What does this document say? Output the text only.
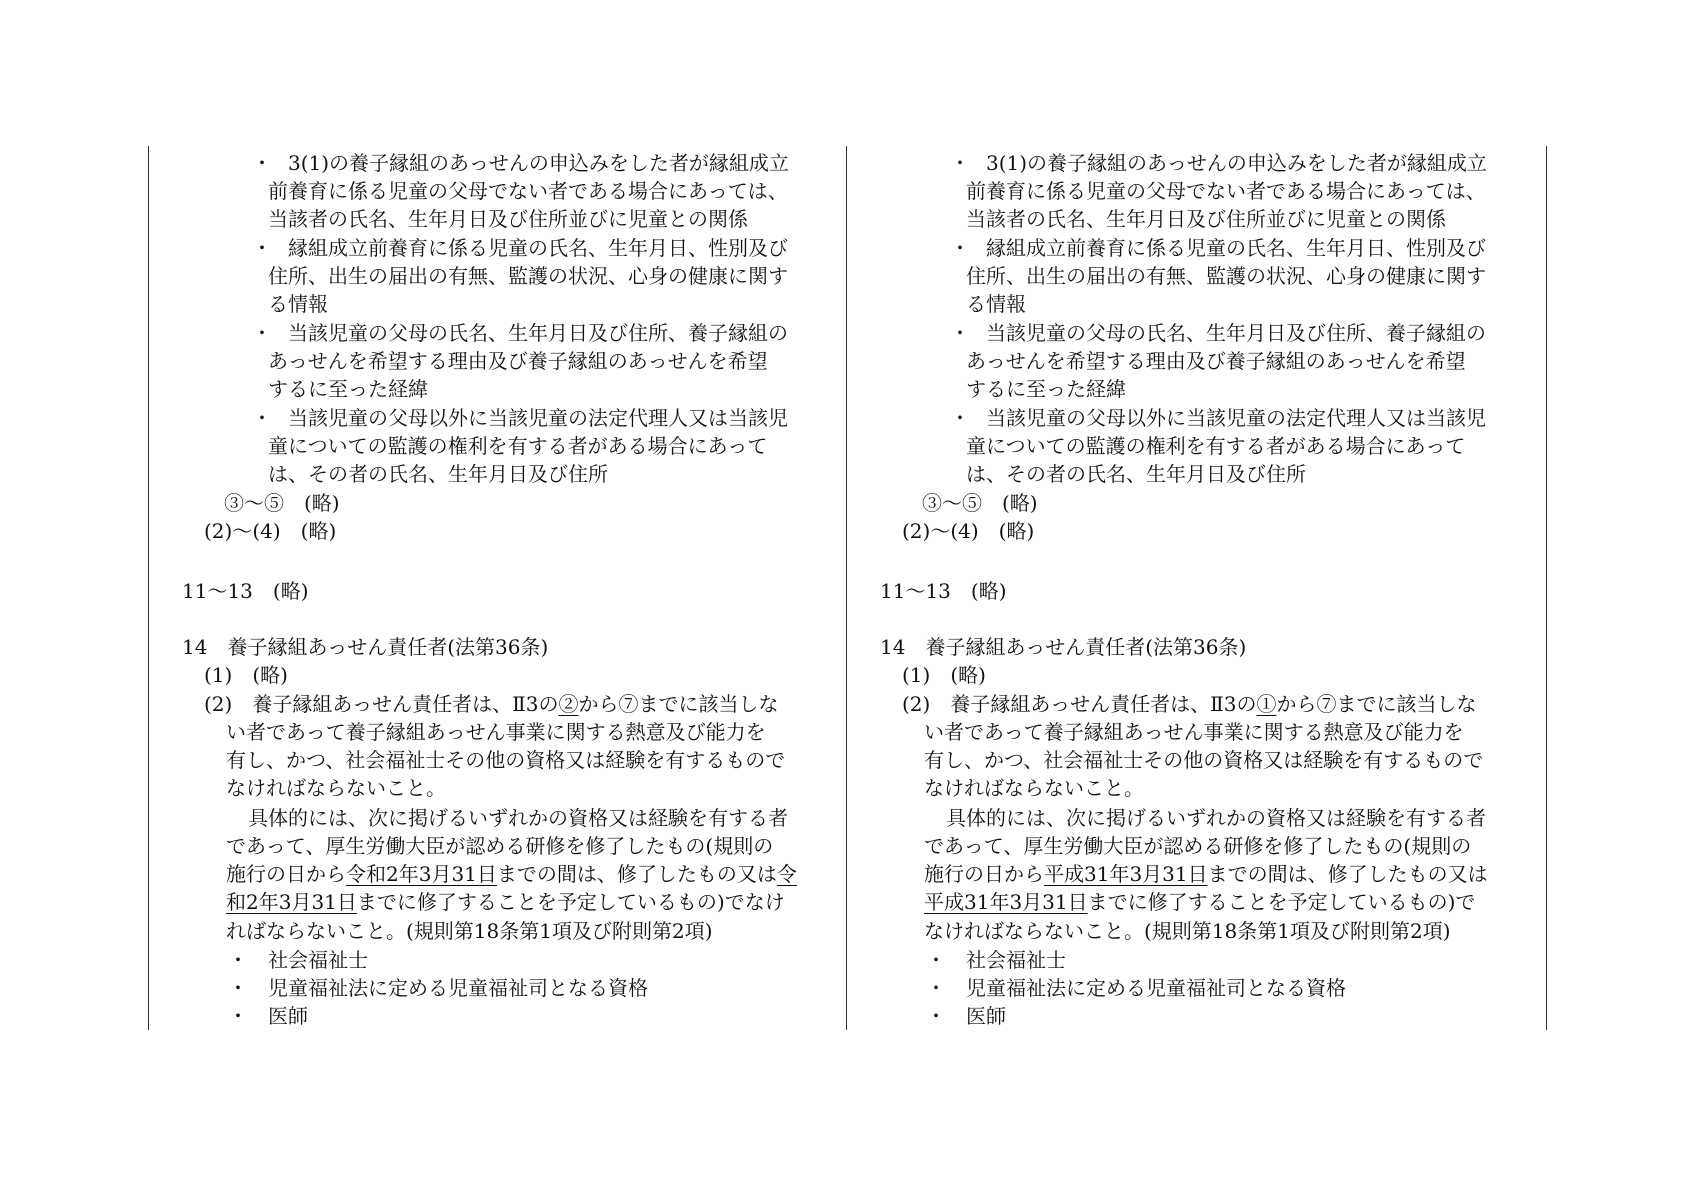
・ 3(1)の養子縁組のあっせんの申込みをした者が縁組成立
前養育に係る児童の父母でない者である場合にあっては、
当該者の氏名、生年月日及び住所並びに児童との関係
・ 縁組成立前養育に係る児童の氏名、生年月日、性別及び
住所、出生の届出の有無、監護の状況、心身の健康に関す
る情報
・ 当該児童の父母の氏名、生年月日及び住所、養子縁組の
あっせんを希望する理由及び養子縁組のあっせんを希望
するに至った経緯
・ 当該児童の父母以外に当該児童の法定代理人又は当該児
童についての監護の権利を有する者がある場合にあって
は、その者の氏名、生年月日及び住所
③～⑤　(略)
(2)～(4)　(略)
11～13　(略)
14　養子縁組あっせん責任者(法第36条)
(1)　(略)
(2)　養子縁組あっせん責任者は、Ⅱ3の②から⑦までに該当しな
い者であって養子縁組あっせん事業に関する熱意及び能力を
有し、かつ、社会福祉士その他の資格又は経験を有するもので
なければならないこと。
具体的には、次に掲げるいずれかの資格又は経験を有する者
であって、厚生労働大臣が認める研修を修了したもの(規則の
施行の日から令和2年3月31日までの間は、修了したもの又は令
和2年3月31日までに修了することを予定しているもの)でなけ
ればならないこと。(規則第18条第1項及び附則第2項)
・ 社会福祉士
・ 児童福祉法に定める児童福祉司となる資格
・ 医師
・ 3(1)の養子縁組のあっせんの申込みをした者が縁組成立
前養育に係る児童の父母でない者である場合にあっては、
当該者の氏名、生年月日及び住所並びに児童との関係
・ 縁組成立前養育に係る児童の氏名、生年月日、性別及び
住所、出生の届出の有無、監護の状況、心身の健康に関す
る情報
・ 当該児童の父母の氏名、生年月日及び住所、養子縁組の
あっせんを希望する理由及び養子縁組のあっせんを希望
するに至った経緯
・ 当該児童の父母以外に当該児童の法定代理人又は当該児
童についての監護の権利を有する者がある場合にあって
は、その者の氏名、生年月日及び住所
③～⑤　(略)
(2)～(4)　(略)
11～13　(略)
14　養子縁組あっせん責任者(法第36条)
(1)　(略)
(2)　養子縁組あっせん責任者は、Ⅱ3の①から⑦までに該当しな
い者であって養子縁組あっせん事業に関する熱意及び能力を
有し、かつ、社会福祉士その他の資格又は経験を有するもので
なければならないこと。
具体的には、次に掲げるいずれかの資格又は経験を有する者
であって、厚生労働大臣が認める研修を修了したもの(規則の
施行の日から平成31年3月31日までの間は、修了したもの又は
平成31年3月31日までに修了することを予定しているもの)で
なければならないこと。(規則第18条第1項及び附則第2項)
・ 社会福祉士
・ 児童福祉法に定める児童福祉司となる資格
・ 医師
